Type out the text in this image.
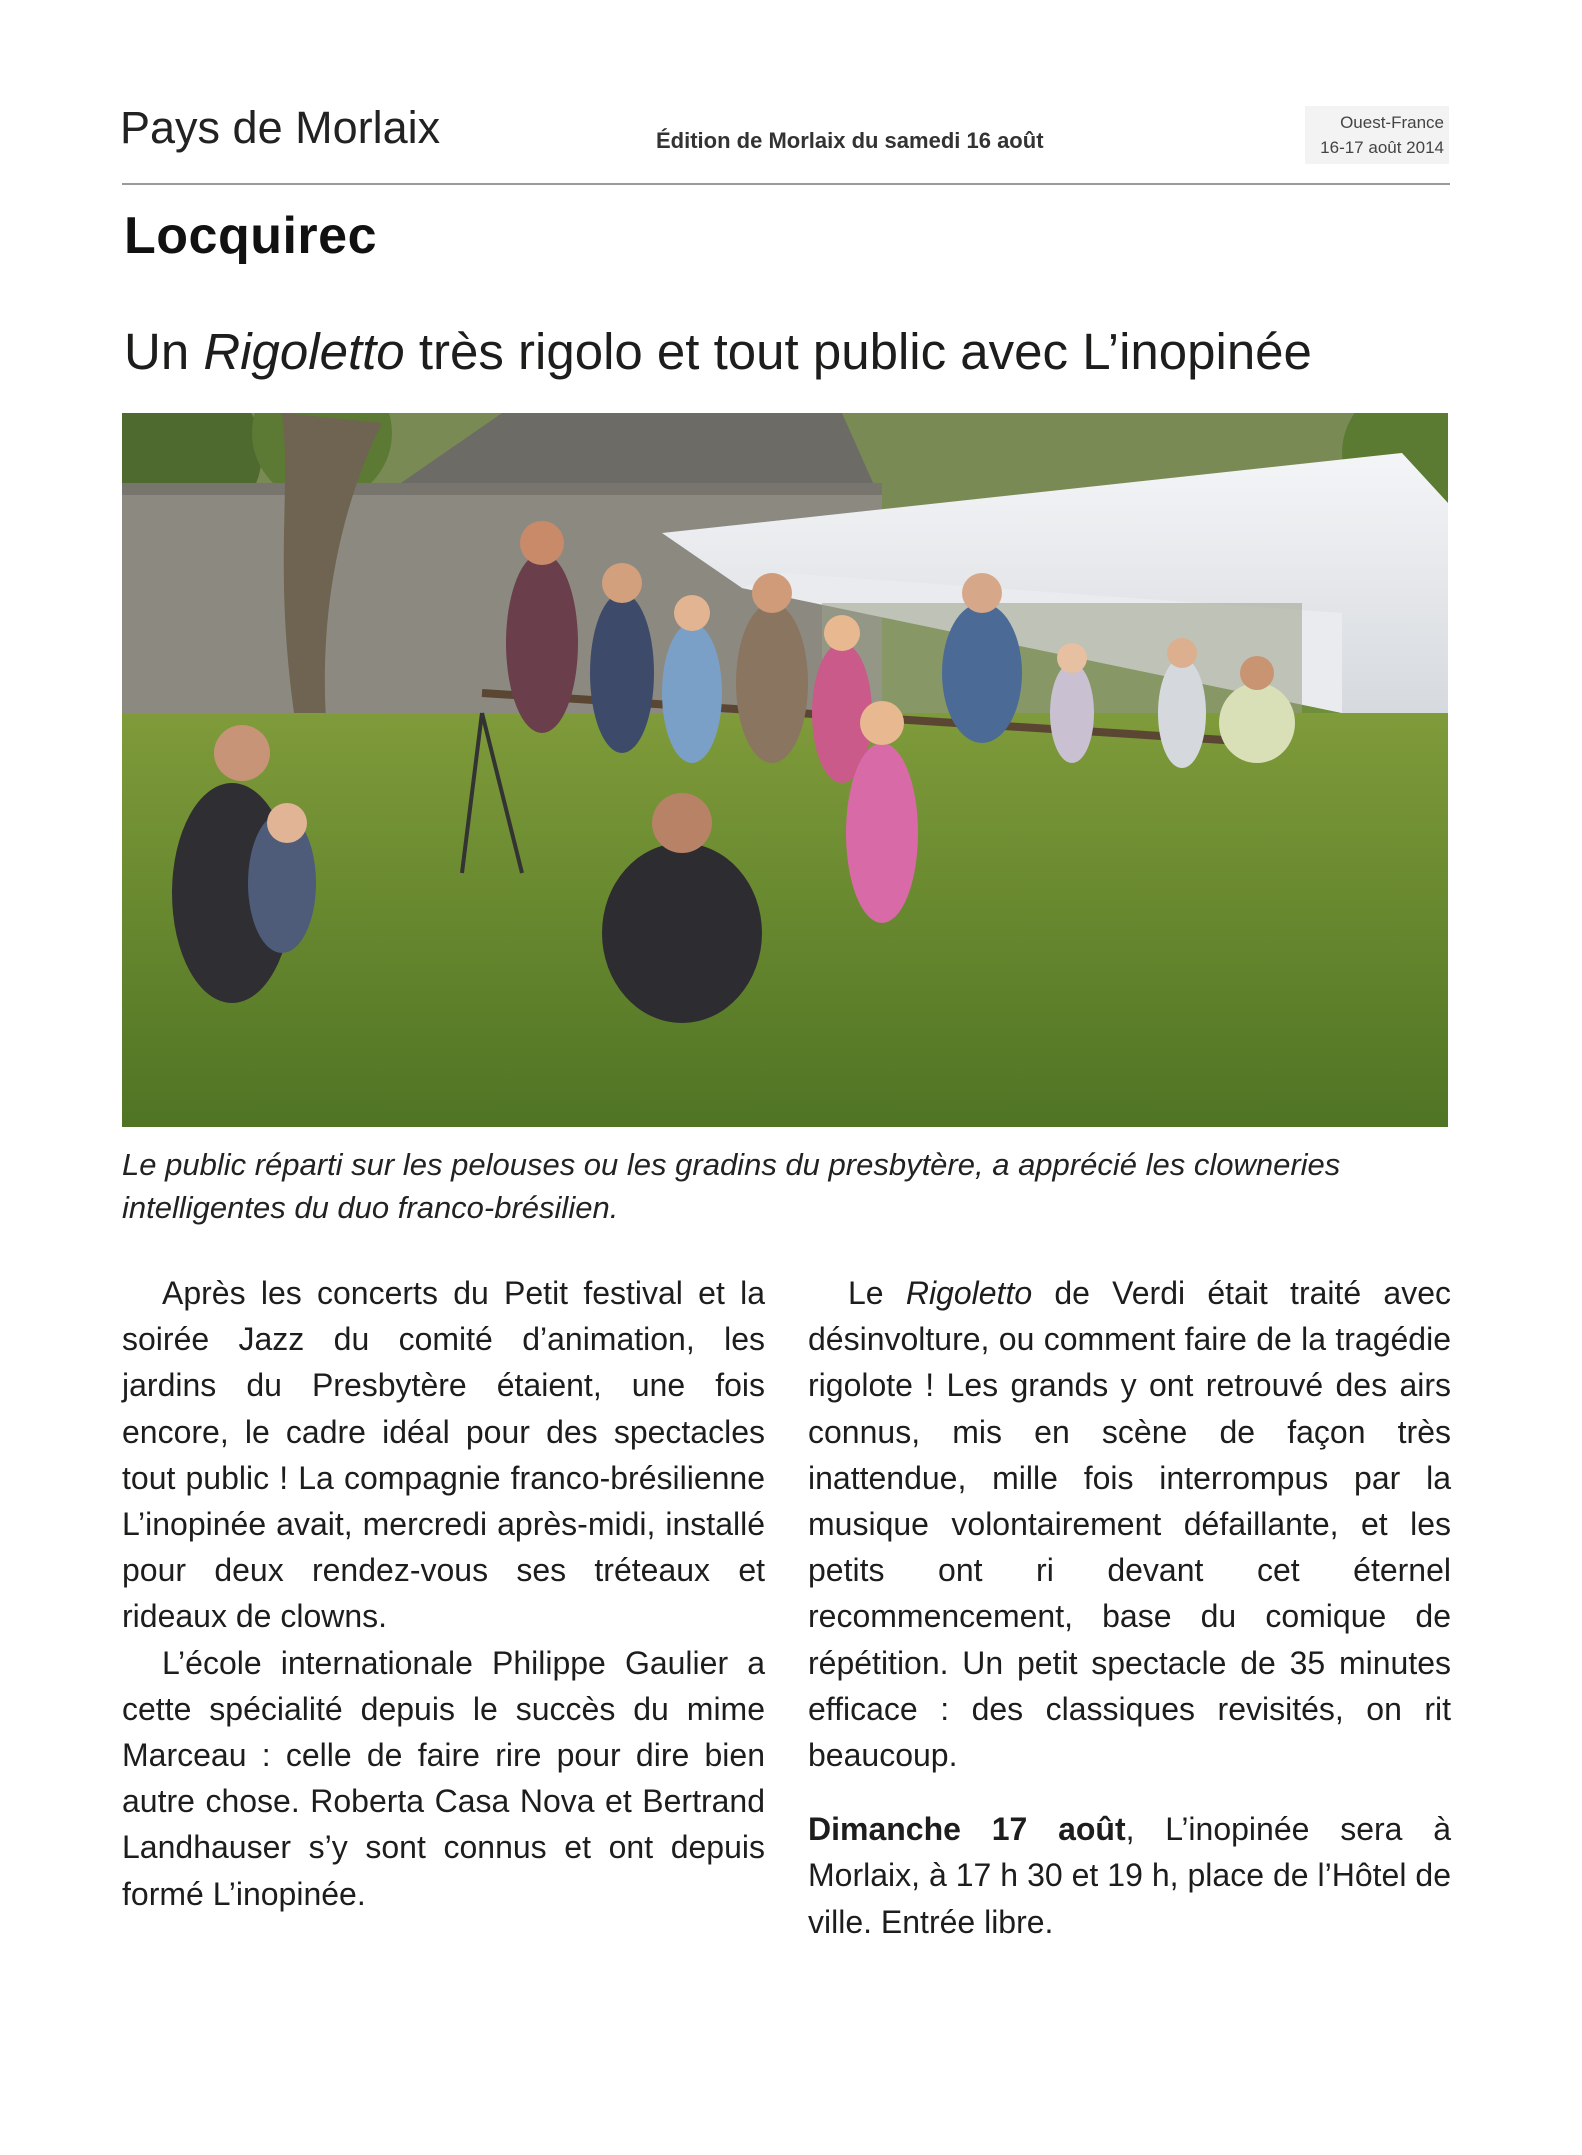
Pays de Morlaix	Édition de Morlaix du samedi 16 août
Ouest-France
16-17 août 2014
Locquirec
Un Rigoletto très rigolo et tout public avec L’inopinée
Le public réparti sur les pelouses ou les gradins du presbytère, a apprécié les clowneries intelligentes du duo franco-brésilien.

Après les concerts du Petit festival et la soirée Jazz du comité d’animation, les jardins du Presbytère étaient, une fois encore, le cadre idéal pour des spectacles tout public ! La compagnie franco-brésilienne L’inopinée avait, mercredi après-midi, installé pour deux rendez-vous ses tréteaux et rideaux de clowns.

L’école internationale Philippe Gaulier a cette spécialité depuis le succès du mime Marceau : celle de faire rire pour dire bien autre chose. Roberta Casa Nova et Bertrand Landhauser s’y sont connus et ont depuis formé L’inopinée.

Le Rigoletto de Verdi était traité avec désinvolture, ou comment faire de la tragédie rigolote ! Les grands y ont retrouvé des airs connus, mis en scène de façon très inattendue, mille fois interrompus par la musique volontairement défaillante, et les petits ont ri devant cet éternel recommencement, base du comique de répétition. Un petit spectacle de 35 minutes efficace : des classiques revisités, on rit beaucoup.

Dimanche 17 août, L’inopinée sera à Morlaix, à 17 h 30 et 19 h, place de l’Hôtel de ville. Entrée libre.
